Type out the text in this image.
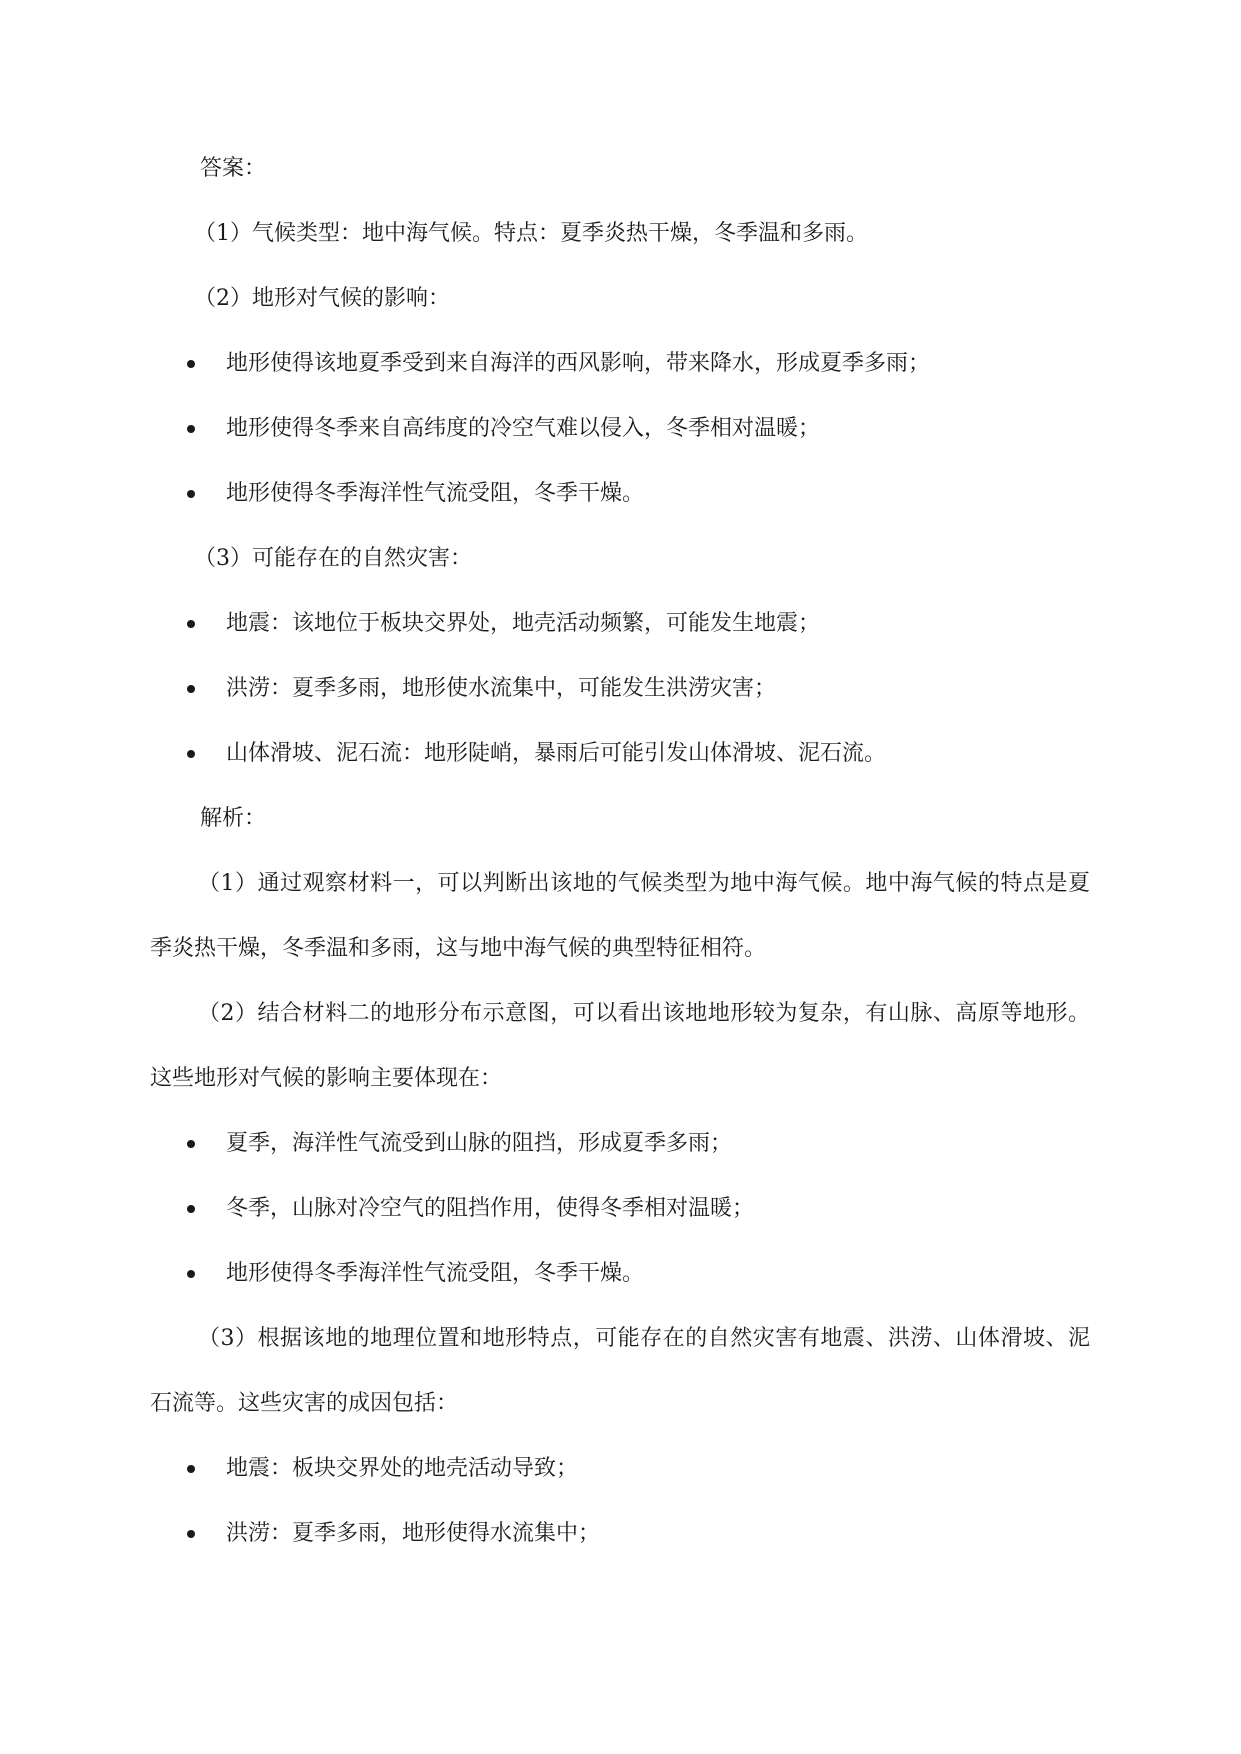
答案：

（1）气候类型：地中海气候。特点：夏季炎热干燥，冬季温和多雨。

（2）地形对气候的影响：

地形使得该地夏季受到来自海洋的西风影响，带来降水，形成夏季多雨；
地形使得冬季来自高纬度的冷空气难以侵入，冬季相对温暖；
地形使得冬季海洋性气流受阻，冬季干燥。

（3）可能存在的自然灾害：

地震：该地位于板块交界处，地壳活动频繁，可能发生地震；
洪涝：夏季多雨，地形使水流集中，可能发生洪涝灾害；
山体滑坡、泥石流：地形陡峭，暴雨后可能引发山体滑坡、泥石流。

解析：

（1）通过观察材料一，可以判断出该地的气候类型为地中海气候。地中海气候的特点是夏季炎热干燥，冬季温和多雨，这与地中海气候的典型特征相符。

（2）结合材料二的地形分布示意图，可以看出该地地形较为复杂，有山脉、高原等地形。这些地形对气候的影响主要体现在：

夏季，海洋性气流受到山脉的阻挡，形成夏季多雨；
冬季，山脉对冷空气的阻挡作用，使得冬季相对温暖；
地形使得冬季海洋性气流受阻，冬季干燥。

（3）根据该地的地理位置和地形特点，可能存在的自然灾害有地震、洪涝、山体滑坡、泥石流等。这些灾害的成因包括：

地震：板块交界处的地壳活动导致；
洪涝：夏季多雨，地形使得水流集中；
